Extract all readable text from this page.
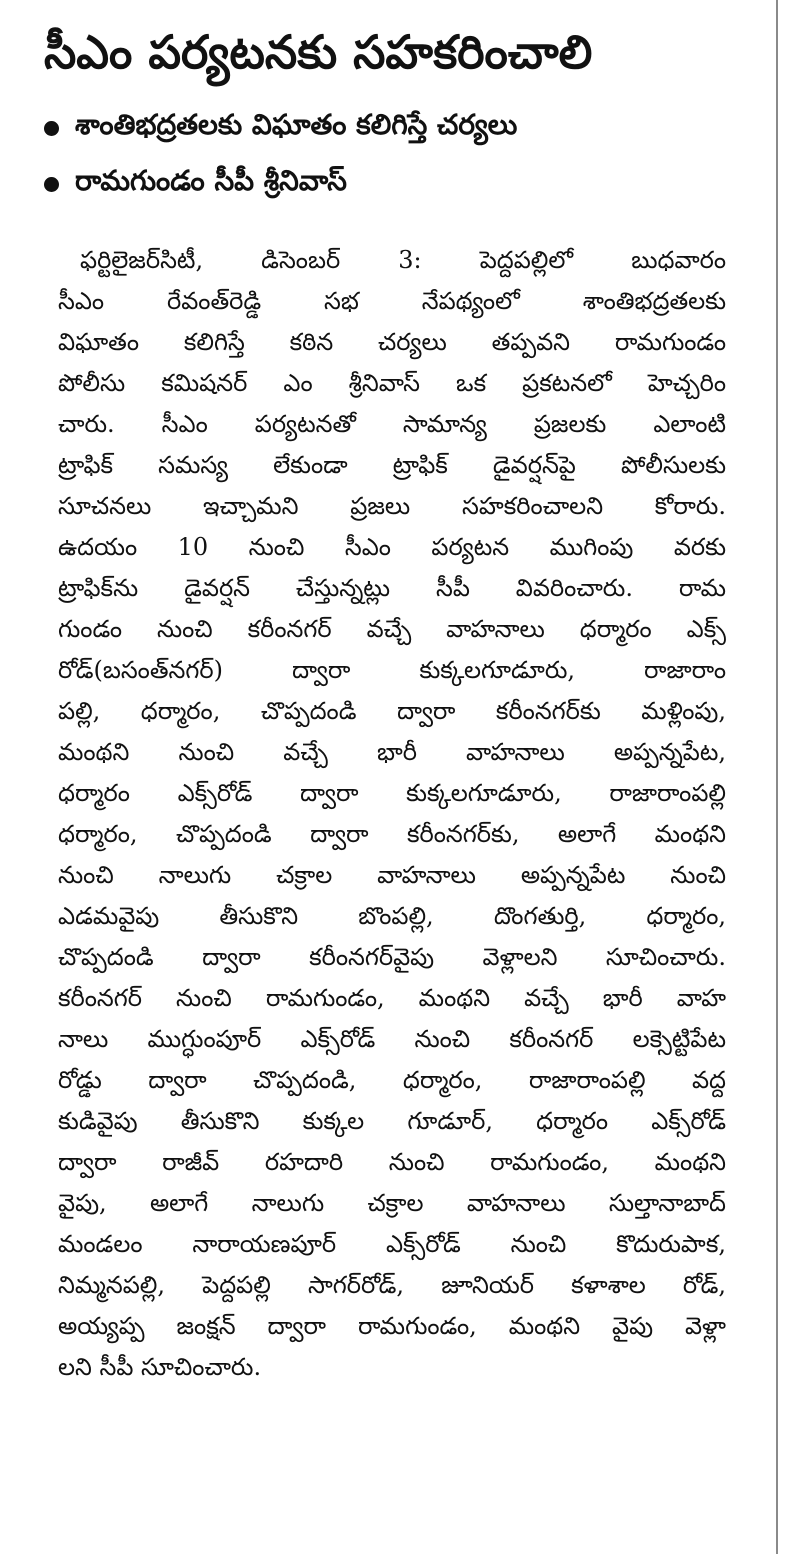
సీఎం పర్యటనకు సహకరించాలి
శాంతిభద్రతలకు విఘాతం కలిగిస్తే చర్యలు
రామగుండం సీపీ శ్రీనివాస్
ఫర్టిలైజర్‌సిటీ, డిసెంబర్ 3: పెద్దపల్లిలో బుధవారం
సీఎం రేవంత్‌రెడ్డి సభ నేపథ్యంలో శాంతిభద్రతలకు
విఘాతం కలిగిస్తే కఠిన చర్యలు తప్పవని రామగుండం
పోలీసు కమిషనర్ ఎం శ్రీనివాస్ ఒక ప్రకటనలో హెచ్చరిం
చారు. సీఎం పర్యటనతో సామాన్య ప్రజలకు ఎలాంటి
ట్రాఫిక్ సమస్య లేకుండా ట్రాఫిక్ డైవర్షన్‌పై పోలీసులకు
సూచనలు ఇచ్చామని ప్రజలు సహకరించాలని కోరారు.
ఉదయం 10 నుంచి సీఎం పర్యటన ముగింపు వరకు
ట్రాఫిక్‌ను డైవర్షన్ చేస్తున్నట్లు సీపీ వివరించారు. రామ
గుండం నుంచి కరీంనగర్ వచ్చే వాహనాలు ధర్మారం ఎక్స్
రోడ్(బసంత్‌నగర్) ద్వారా కుక్కలగూడూరు, రాజారాం
పల్లి, ధర్మారం, చొప్పదండి ద్వారా కరీంనగర్‌కు మళ్లింపు,
మంథని నుంచి వచ్చే భారీ వాహనాలు అప్పన్నపేట,
ధర్మారం ఎక్స్‌రోడ్ ద్వారా కుక్కలగూడూరు, రాజారాంపల్లి
ధర్మారం, చొప్పదండి ద్వారా కరీంనగర్‌కు, అలాగే మంథని
నుంచి నాలుగు చక్రాల వాహనాలు అప్పన్నపేట నుంచి
ఎడమవైపు తీసుకొని బొంపల్లి, దొంగతుర్తి, ధర్మారం,
చొప్పదండి ద్వారా కరీంనగర్‌వైపు వెళ్లాలని సూచించారు.
కరీంనగర్ నుంచి రామగుండం, మంథని వచ్చే భారీ వాహ
నాలు ముగ్ధుంపూర్ ఎక్స్‌రోడ్ నుంచి కరీంనగర్ లక్సెట్టిపేట
రోడ్డు ద్వారా చొప్పదండి, ధర్మారం, రాజారాంపల్లి వద్ద
కుడివైపు తీసుకొని కుక్కల గూడూర్, ధర్మారం ఎక్స్‌రోడ్
ద్వారా రాజీవ్ రహదారి నుంచి రామగుండం, మంథని
వైపు, అలాగే నాలుగు చక్రాల వాహనాలు సుల్తానాబాద్
మండలం నారాయణపూర్ ఎక్స్‌రోడ్ నుంచి కొదురుపాక,
నిమ్మనపల్లి, పెద్దపల్లి సాగర్‌రోడ్, జూనియర్ కళాశాల రోడ్,
అయ్యప్ప జంక్షన్ ద్వారా రామగుండం, మంథని వైపు వెళ్లా
లని సీపీ సూచించారు.
